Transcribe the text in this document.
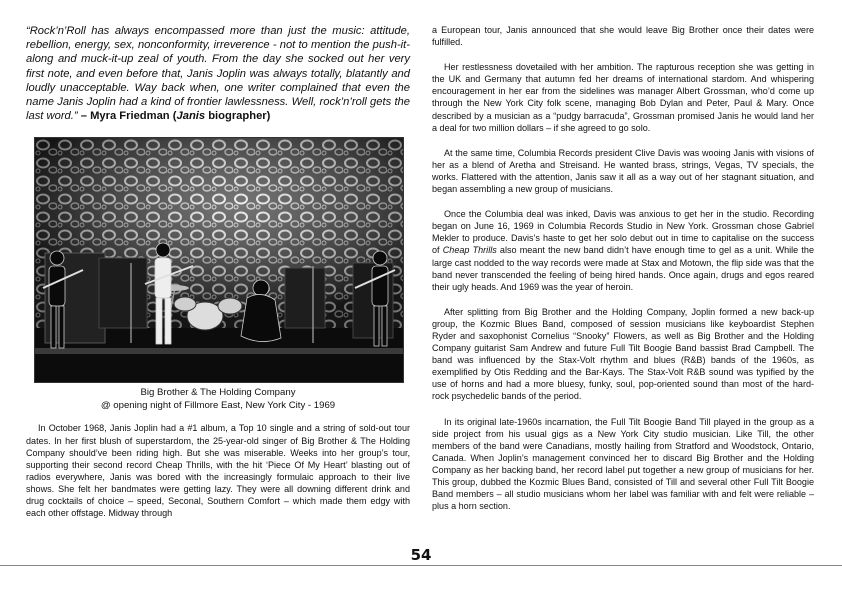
“Rock’n’Roll has always encompassed more than just the music: attitude, rebellion, energy, sex, nonconformity, irreverence - not to mention the push-it-along and muck-it-up zeal of youth. From the day she socked out her very first note, and even before that, Janis Joplin was always totally, blatantly and loudly unacceptable. Way back when, one writer complained that even the name Janis Joplin had a kind of frontier lawlessness. Well, rock’n’roll gets the last word.” – Myra Friedman (Janis biographer)

Big Brother & The Holding Company
@ opening night of Fillmore East, New York City - 1969

In October 1968, Janis Joplin had a #1 album, a Top 10 single and a string of sold-out tour dates. In her first blush of superstardom, the 25-year-old singer of Big Brother & The Holding Company should’ve been riding high. But she was miserable. Weeks into her group’s tour, supporting their second record Cheap Thrills, with the hit ‘Piece Of My Heart’ blasting out of radios everywhere, Janis was bored with the increasingly formulaic approach to their live shows. She felt her bandmates were getting lazy. They were all downing different drink and drug cocktails of choice – speed, Seconal, Southern Comfort – which made them edgy with each other offstage. Midway through

a European tour, Janis announced that she would leave Big Brother once their dates were fulfilled.

Her restlessness dovetailed with her ambition. The rapturous reception she was getting in the UK and Germany that autumn fed her dreams of international stardom. And whispering encouragement in her ear from the sidelines was manager Albert Grossman, who’d come up through the New York City folk scene, managing Bob Dylan and Peter, Paul & Mary. Once described by a musician as a “pudgy barracuda”, Grossman promised Janis he would land her a deal for two million dollars – if she agreed to go solo.

At the same time, Columbia Records president Clive Davis was wooing Janis with visions of her as a blend of Aretha and Streisand. He wanted brass, strings, Vegas, TV specials, the works. Flattered with the attention, Janis saw it all as a way out of her stagnant situation, and began assembling a new group of musicians.

Once the Columbia deal was inked, Davis was anxious to get her in the studio. Recording began on June 16, 1969 in Columbia Records Studio in New York. Grossman chose Gabriel Mekler to produce. Davis’s haste to get her solo debut out in time to capitalise on the success of Cheap Thrills also meant the new band didn’t have enough time to gel as a unit. While the large cast nodded to the way records were made at Stax and Motown, the flip side was that the band never transcended the feeling of being hired hands. Once again, drugs and egos reared their ugly heads. And 1969 was the year of heroin.

After splitting from Big Brother and the Holding Company, Joplin formed a new back-up group, the Kozmic Blues Band, composed of session musicians like keyboardist Stephen Ryder and saxophonist Cornelius “Snooky” Flowers, as well as Big Brother and the Holding Company guitarist Sam Andrew and future Full Tilt Boogie Band bassist Brad Campbell. The band was influenced by the Stax-Volt rhythm and blues (R&B) bands of the 1960s, as exemplified by Otis Redding and the Bar-Kays. The Stax-Volt R&B sound was typified by the use of horns and had a more bluesy, funky, soul, pop-oriented sound than most of the hard-rock psychedelic bands of the period.

In its original late-1960s incarnation, the Full Tilt Boogie Band Till played in the group as a side project from his usual gigs as a New York City studio musician. Like Till, the other members of the band were Canadians, mostly hailing from Stratford and Woodstock, Ontario, Canada. When Joplin’s management convinced her to discard Big Brother and the Holding Company as her backing band, her record label put together a new group of musicians for her. This group, dubbed the Kozmic Blues Band, consisted of Till and several other Full Tilt Boogie Band members – all studio musicians whom her label was familiar with and felt were reliable – plus a horn section.

54
